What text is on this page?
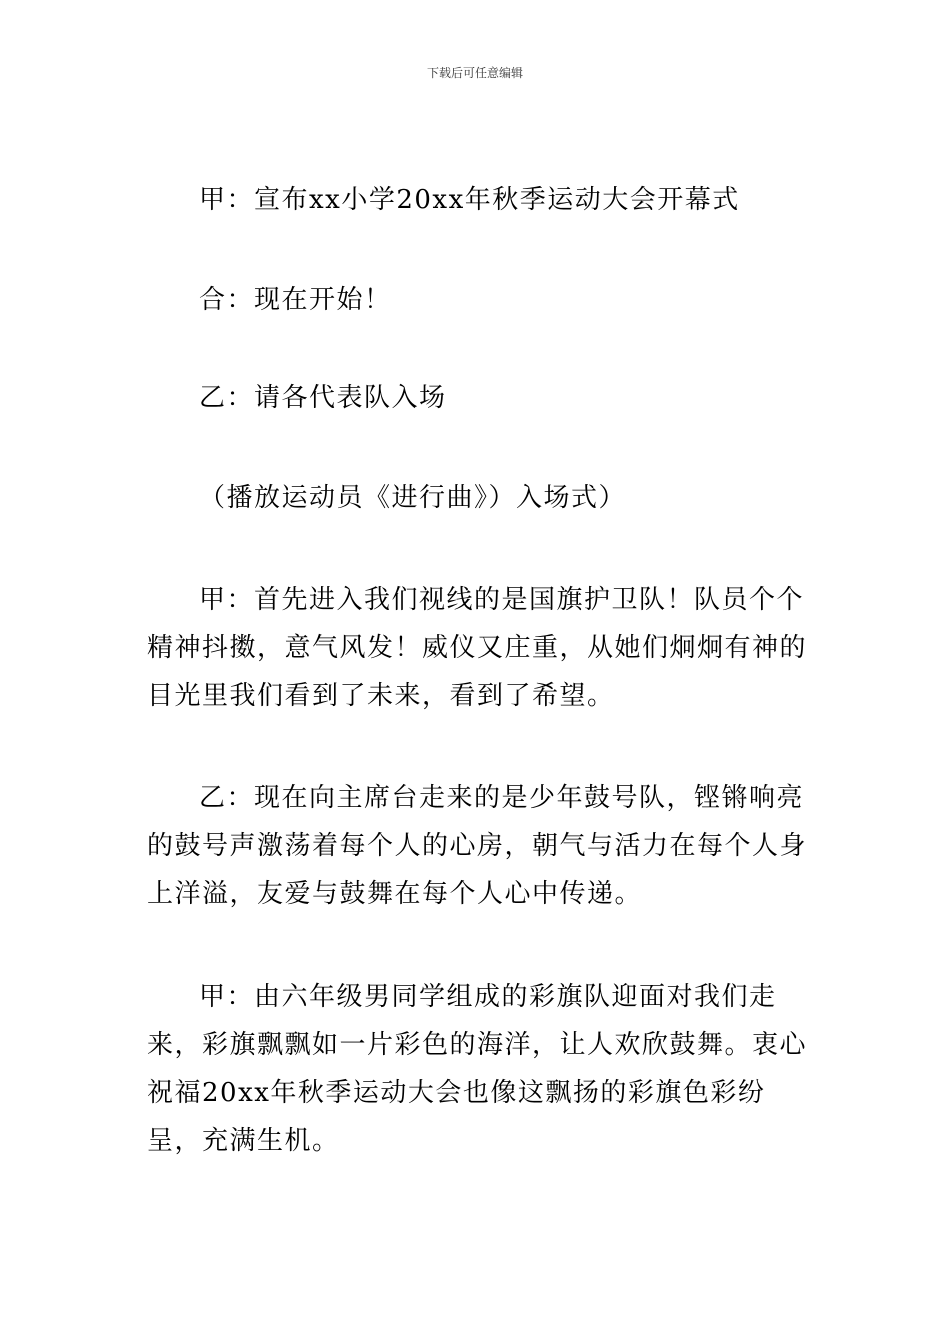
下载后可任意编辑

甲：宣布xx小学20xx年秋季运动大会开幕式

合：现在开始！

乙：请各代表队入场

（播放运动员《进行曲》）入场式）

甲：首先进入我们视线的是国旗护卫队！队员个个精神抖擞，意气风发！威仪又庄重，从她们炯炯有神的目光里我们看到了未来，看到了希望。

乙：现在向主席台走来的是少年鼓号队，铿锵响亮的鼓号声激荡着每个人的心房，朝气与活力在每个人身上洋溢，友爱与鼓舞在每个人心中传递。

甲：由六年级男同学组成的彩旗队迎面对我们走来，彩旗飘飘如一片彩色的海洋，让人欢欣鼓舞。衷心祝福20xx年秋季运动大会也像这飘扬的彩旗色彩纷呈，充满生机。
